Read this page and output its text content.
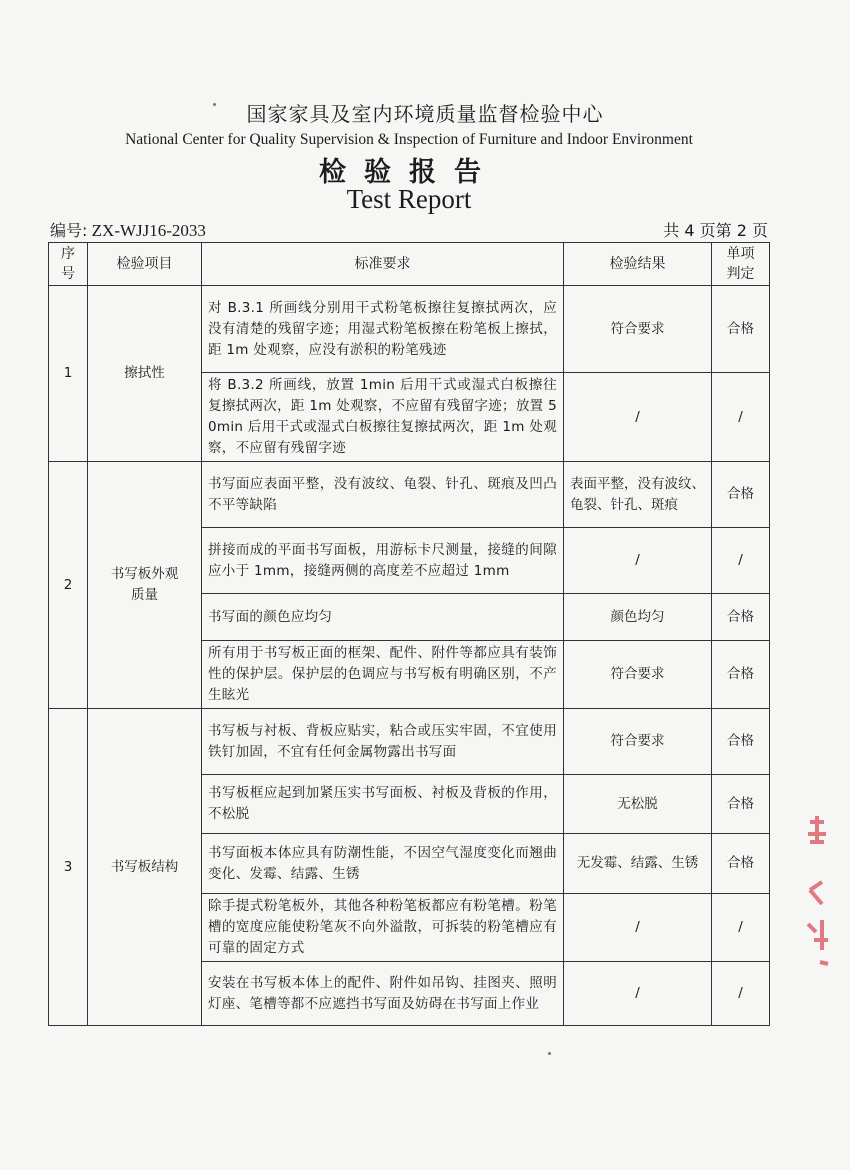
国家家具及室内环境质量监督检验中心
National Center for Quality Supervision & Inspection of Furniture and Indoor Environment
检验报告
Test Report
编号: ZX-WJJ16-2033	共 4 页第 2 页
序号	检验项目	标准要求	检验结果	单项判定
1	擦拭性	对 B.3.1 所画线分别用干式粉笔板擦往复擦拭两次，应没有清楚的残留字迹；用湿式粉笔板擦在粉笔板上擦拭，距 1m 处观察，应没有淤积的粉笔残迹	符合要求	合格
		将 B.3.2 所画线，放置 1min 后用干式或湿式白板擦往复擦拭两次，距 1m 处观察，不应留有残留字迹；放置 50min 后用干式或湿式白板擦往复擦拭两次，距 1m 处观察，不应留有残留字迹	/	/
2	书写板外观质量	书写面应表面平整，没有波纹、龟裂、针孔、斑痕及凹凸不平等缺陷	表面平整，没有波纹、龟裂、针孔、斑痕	合格
		拼接而成的平面书写面板，用游标卡尺测量，接缝的间隙应小于 1mm，接缝两侧的高度差不应超过 1mm	/	/
		书写面的颜色应均匀	颜色均匀	合格
		所有用于书写板正面的框架、配件、附件等都应具有装饰性的保护层。保护层的色调应与书写板有明确区别，不产生眩光	符合要求	合格
3	书写板结构	书写板与衬板、背板应贴实，粘合或压实牢固，不宜使用铁钉加固，不宜有任何金属物露出书写面	符合要求	合格
		书写板框应起到加紧压实书写面板、衬板及背板的作用，不松脱	无松脱	合格
		书写面板本体应具有防潮性能，不因空气湿度变化而翘曲变化、发霉、结露、生锈	无发霉、结露、生锈	合格
		除手提式粉笔板外，其他各种粉笔板都应有粉笔槽。粉笔槽的宽度应能使粉笔灰不向外溢散，可拆装的粉笔槽应有可靠的固定方式	/	/
		安装在书写板本体上的配件、附件如吊钩、挂图夹、照明灯座、笔槽等都不应遮挡书写面及妨碍在书写面上作业	/	/
